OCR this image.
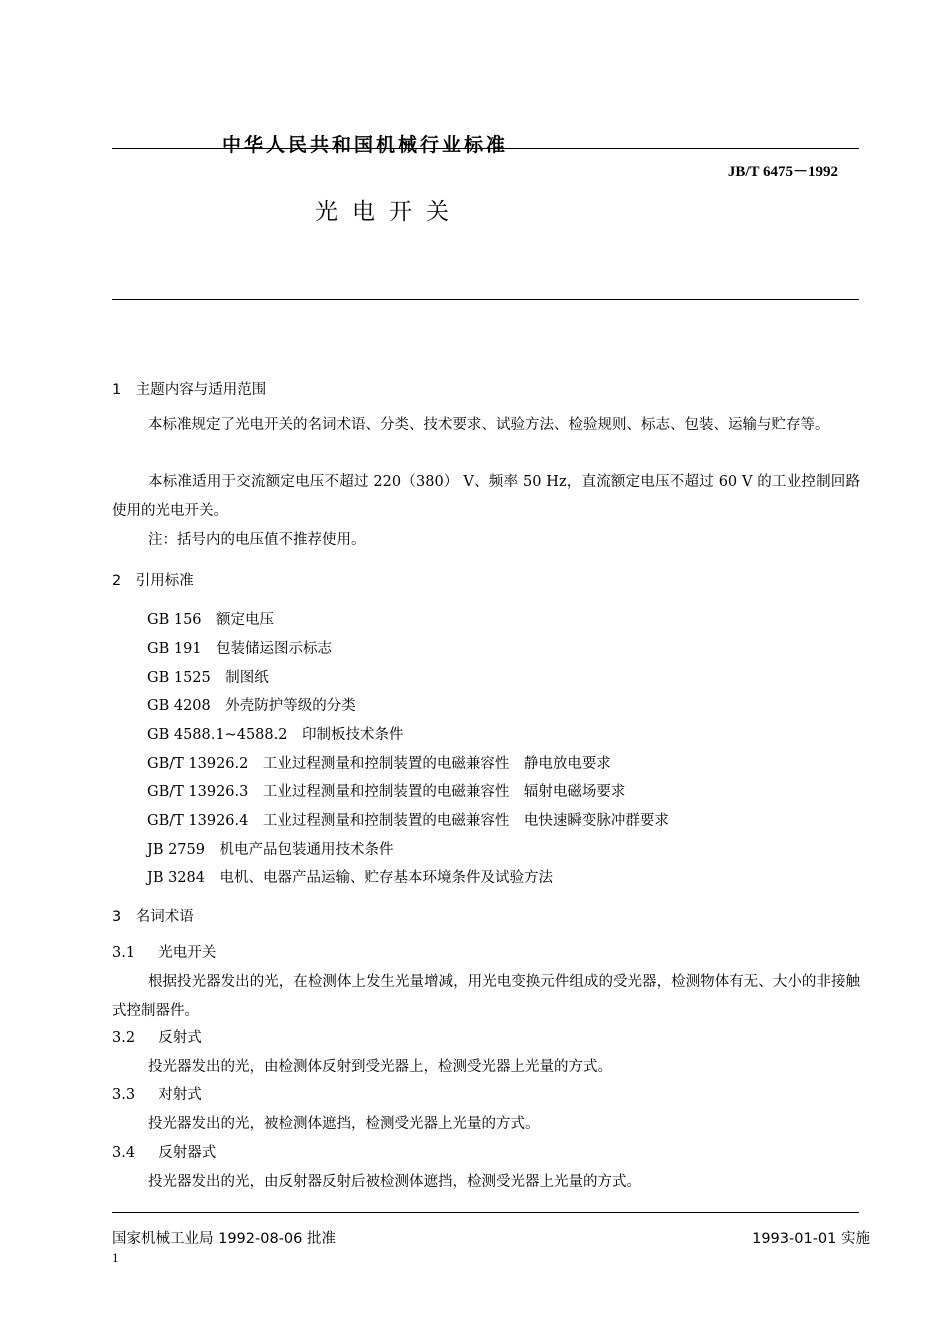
中华人民共和国机械行业标准
JB/T 6475－1992
光电开关
1　主题内容与适用范围
本标准规定了光电开关的名词术语、分类、技术要求、试验方法、检验规则、标志、包装、运输与贮存等。
本标准适用于交流额定电压不超过 220（380） V、频率 50 Hz，直流额定电压不超过 60 V 的工业控制回路使用的光电开关。
注：括号内的电压值不推荐使用。
2　引用标准
GB 156　额定电压
GB 191　包装储运图示标志
GB 1525　制图纸
GB 4208　外壳防护等级的分类
GB 4588.1~4588.2　印制板技术条件
GB/T 13926.2　工业过程测量和控制装置的电磁兼容性　静电放电要求
GB/T 13926.3　工业过程测量和控制装置的电磁兼容性　辐射电磁场要求
GB/T 13926.4　工业过程测量和控制装置的电磁兼容性　电快速瞬变脉冲群要求
JB 2759　机电产品包装通用技术条件
JB 3284　电机、电器产品运输、贮存基本环境条件及试验方法
3　名词术语
3.1 光电开关
根据投光器发出的光，在检测体上发生光量增减，用光电变换元件组成的受光器，检测物体有无、大小的非接触式控制器件。
3.2 反射式
投光器发出的光，由检测体反射到受光器上，检测受光器上光量的方式。
3.3 对射式
投光器发出的光，被检测体遮挡，检测受光器上光量的方式。
3.4 反射器式
投光器发出的光，由反射器反射后被检测体遮挡，检测受光器上光量的方式。
国家机械工业局 1992-08-06 批准	1993-01-01 实施
1
